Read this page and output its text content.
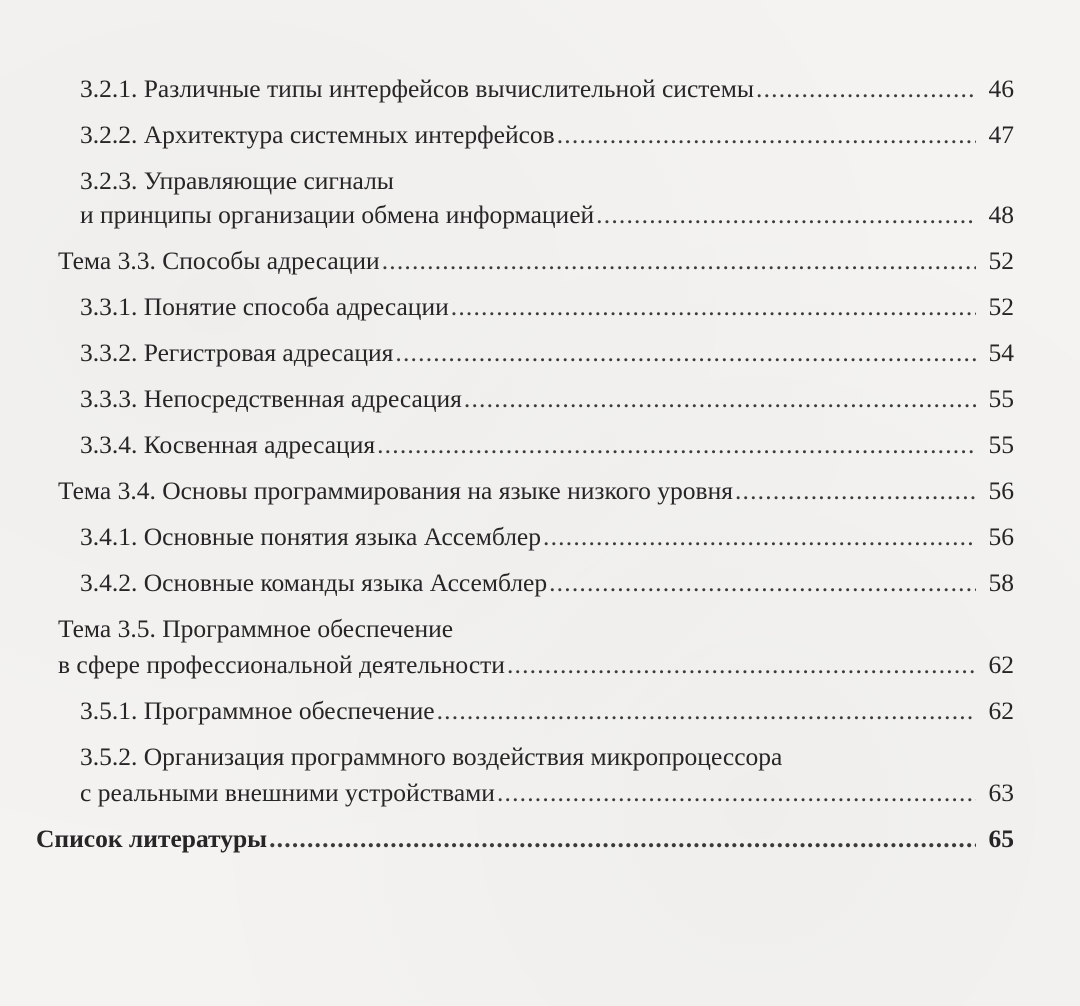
3.2.1. Различные типы интерфейсов вычислительной системы .....	46
3.2.2. Архитектура системных интерфейсов .....	47
3.2.3. Управляющие сигналы
и принципы организации обмена информацией .....	48
Тема 3.3. Способы адресации .....	52
3.3.1. Понятие способа адресации .....	52
3.3.2. Регистровая адресация .....	54
3.3.3. Непосредственная адресация .....	55
3.3.4. Косвенная адресация .....	55
Тема 3.4. Основы программирования на языке низкого уровня .....	56
3.4.1. Основные понятия языка Ассемблер .....	56
3.4.2. Основные команды языка Ассемблер .....	58
Тема 3.5. Программное обеспечение
в сфере профессиональной деятельности .....	62
3.5.1. Программное обеспечение .....	62
3.5.2. Организация программного воздействия микропроцессора
с реальными внешними устройствами .....	63
Список литературы .....	65
